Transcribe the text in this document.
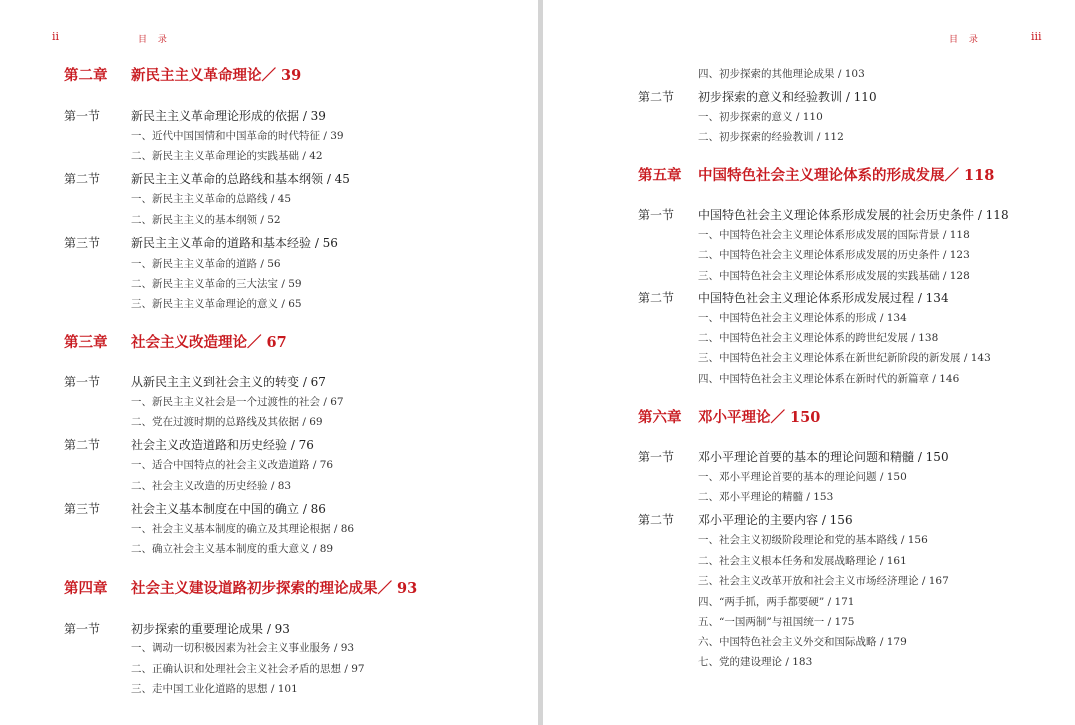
ii	目 录
第二章	新民主主义革命理论／ 39
第一节	新民主主义革命理论形成的依据 / 39
一、近代中国国情和中国革命的时代特征 / 39
二、新民主主义革命理论的实践基础 / 42
第二节	新民主主义革命的总路线和基本纲领 / 45
一、新民主主义革命的总路线 / 45
二、新民主主义的基本纲领 / 52
第三节	新民主主义革命的道路和基本经验 / 56
一、新民主主义革命的道路 / 56
二、新民主主义革命的三大法宝 / 59
三、新民主主义革命理论的意义 / 65
第三章	社会主义改造理论／ 67
第一节	从新民主主义到社会主义的转变 / 67
一、新民主主义社会是一个过渡性的社会 / 67
二、党在过渡时期的总路线及其依据 / 69
第二节	社会主义改造道路和历史经验 / 76
一、适合中国特点的社会主义改造道路 / 76
二、社会主义改造的历史经验 / 83
第三节	社会主义基本制度在中国的确立 / 86
一、社会主义基本制度的确立及其理论根据 / 86
二、确立社会主义基本制度的重大意义 / 89
第四章	社会主义建设道路初步探索的理论成果／ 93
第一节	初步探索的重要理论成果 / 93
一、调动一切积极因素为社会主义事业服务 / 93
二、正确认识和处理社会主义社会矛盾的思想 / 97
三、走中国工业化道路的思想 / 101
目 录	iii
四、初步探索的其他理论成果 / 103
第二节	初步探索的意义和经验教训 / 110
一、初步探索的意义 / 110
二、初步探索的经验教训 / 112
第五章	中国特色社会主义理论体系的形成发展／ 118
第一节	中国特色社会主义理论体系形成发展的社会历史条件 / 118
一、中国特色社会主义理论体系形成发展的国际背景 / 118
二、中国特色社会主义理论体系形成发展的历史条件 / 123
三、中国特色社会主义理论体系形成发展的实践基础 / 128
第二节	中国特色社会主义理论体系形成发展过程 / 134
一、中国特色社会主义理论体系的形成 / 134
二、中国特色社会主义理论体系的跨世纪发展 / 138
三、中国特色社会主义理论体系在新世纪新阶段的新发展 / 143
四、中国特色社会主义理论体系在新时代的新篇章 / 146
第六章	邓小平理论／ 150
第一节	邓小平理论首要的基本的理论问题和精髓 / 150
一、邓小平理论首要的基本的理论问题 / 150
二、邓小平理论的精髓 / 153
第二节	邓小平理论的主要内容 / 156
一、社会主义初级阶段理论和党的基本路线 / 156
二、社会主义根本任务和发展战略理论 / 161
三、社会主义改革开放和社会主义市场经济理论 / 167
四、“两手抓，两手都要硬” / 171
五、“一国两制”与祖国统一 / 175
六、中国特色社会主义外交和国际战略 / 179
七、党的建设理论 / 183
